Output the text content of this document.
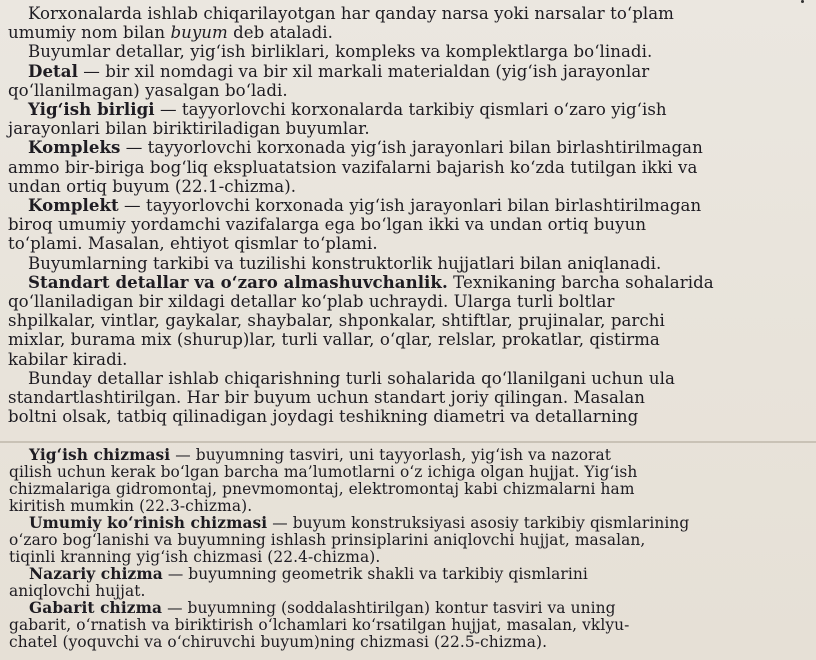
Korxonalarda ishlab chiqarilayotgan har qanday narsa yoki narsalar to‘plam

umumiy nom bilan buyum deb ataladi.

Buyumlar detallar, yig‘ish birliklari, kompleks va komplektlarga bo‘linadi.

Detal — bir xil nomdagi va bir xil markali materialdan (yig‘ish jarayonlar

qo‘llanilmagan) yasalgan bo‘ladi.

Yig‘ish birligi — tayyorlovchi korxonalarda tarkibiy qismlari o‘zaro yig‘ish

jarayonlari bilan biriktiriladigan buyumlar.

Kompleks — tayyorlovchi korxonada yig‘ish jarayonlari bilan birlashtirilmagan

ammo bir-biriga bog‘liq ekspluatatsion vazifalarni bajarish ko‘zda tutilgan ikki va

undan ortiq buyum (22.1-chizma).

Komplekt — tayyorlovchi korxonada yig‘ish jarayonlari bilan birlashtirilmagan

biroq umumiy yordamchi vazifalarga ega bo‘lgan ikki va undan ortiq buyun

to‘plami. Masalan, ehtiyot qismlar to‘plami.

Buyumlarning tarkibi va tuzilishi konstruktorlik hujjatlari bilan aniqlanadi.

Standart detallar va o‘zaro almashuvchanlik. Texnikaning barcha sohalarida

qo‘llaniladigan bir xildagi detallar ko‘plab uchraydi. Ularga turli boltlar

shpilkalar, vintlar, gaykalar, shaybalar, shponkalar, shtiftlar, prujinalar, parchi

mixlar, burama mix (shurup)lar, turli vallar, o‘qlar, relslar, prokatlar, qistirma

kabilar kiradi.

Bunday detallar ishlab chiqarishning turli sohalarida qo‘llanilgani uchun ula

standartlashtirilgan. Har bir buyum uchun standart joriy qilingan. Masalan

boltni olsak, tatbiq qilinadigan joydagi teshikning diametri va detallarning

Yig‘ish chizmasi — buyumning tasviri, uni tayyorlash, yig‘ish va nazorat

qilish uchun kerak bo‘lgan barcha ma’lumotlarni o‘z ichiga olgan hujjat. Yig‘ish

chizmalariga gidromontaj, pnevmomontaj, elektromontaj kabi chizmalarni ham

kiritish mumkin (22.3-chizma).

Umumiy ko‘rinish chizmasi — buyum konstruksiyasi asosiy tarkibiy qismlarining

o‘zaro bog‘lanishi va buyumning ishlash prinsiplarini aniqlovchi hujjat, masalan,

tiqinli kranning yig‘ish chizmasi (22.4-chizma).

Nazariy chizma — buyumning geometrik shakli va tarkibiy qismlarini

aniqlovchi hujjat.

Gabarit chizma — buyumning (soddalashtirilgan) kontur tasviri va uning

gabarit, o‘rnatish va biriktirish o‘lchamlari ko‘rsatilgan hujjat, masalan, vklyu-

chatel (yoquvchi va o‘chiruvchi buyum)ning chizmasi (22.5-chizma).
